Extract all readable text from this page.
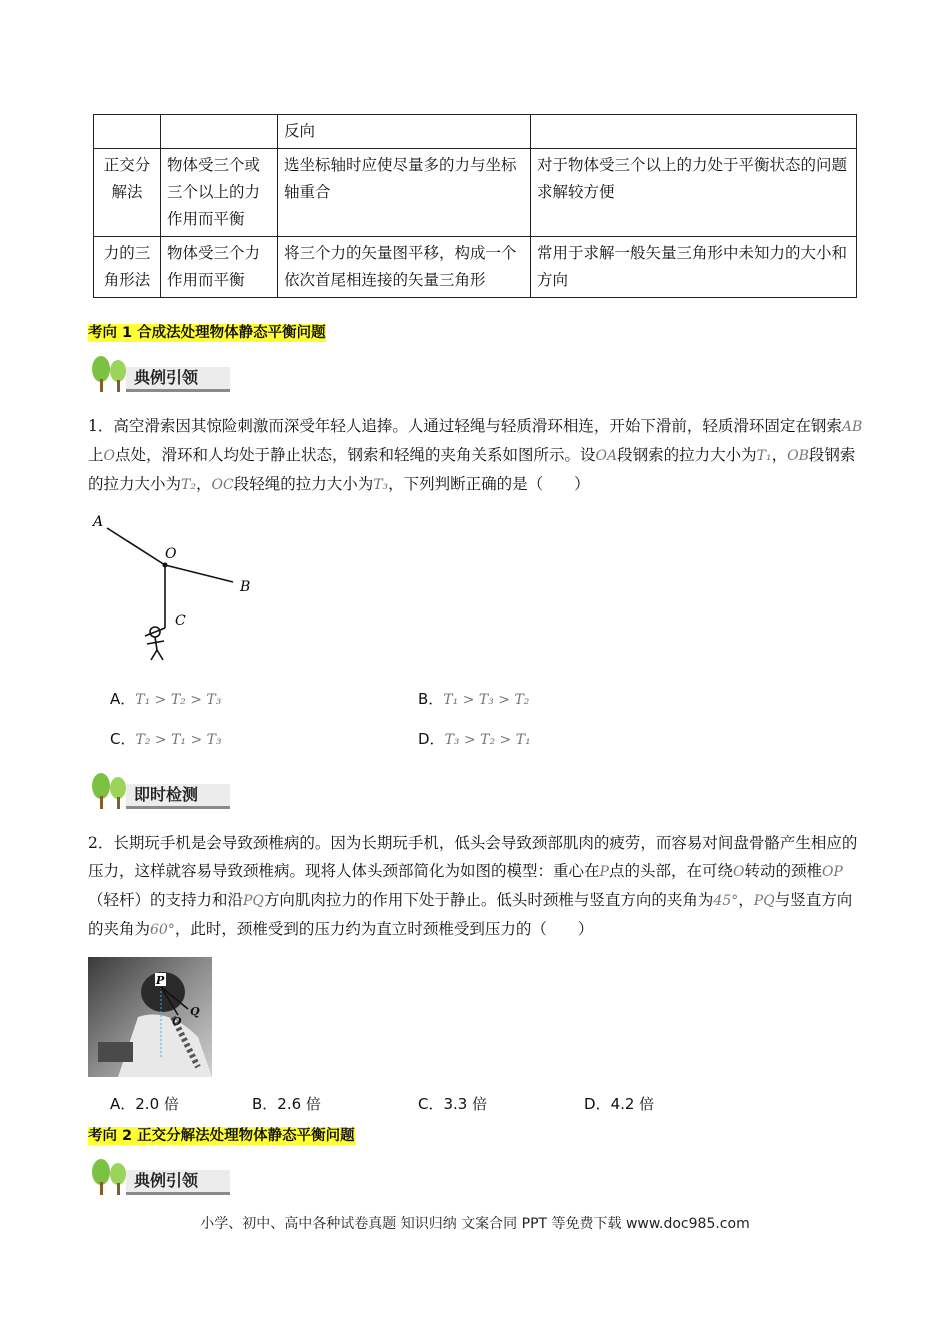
		反向	
正交分解法	物体受三个或三个以上的力作用而平衡	选坐标轴时应使尽量多的力与坐标轴重合	对于物体受三个以上的力处于平衡状态的问题求解较方便
力的三角形法	物体受三个力作用而平衡	将三个力的矢量图平移，构成一个依次首尾相连接的矢量三角形	常用于求解一般矢量三角形中未知力的大小和方向
考向 1 合成法处理物体静态平衡问题
典例引领
1．高空滑索因其惊险刺激而深受年轻人追捧。人通过轻绳与轻质滑环相连，开始下滑前，轻质滑环固定在钢索AB上O点处，滑环和人均处于静止状态，钢索和轻绳的夹角关系如图所示。设OA段钢索的拉力大小为T₁，OB段钢索的拉力大小为T₂，OC段轻绳的拉力大小为T₃，下列判断正确的是（　　）
A
O
B
C
A．T₁ > T₂ > T₃	B．T₁ > T₃ > T₂
C．T₂ > T₁ > T₃	D．T₃ > T₂ > T₁
即时检测
2．长期玩手机是会导致颈椎病的。因为长期玩手机，低头会导致颈部肌肉的疲劳，而容易对间盘骨骼产生相应的压力，这样就容易导致颈椎病。现将人体头颈部简化为如图的模型：重心在P点的头部，在可绕O转动的颈椎OP（轻杆）的支持力和沿PQ方向肌肉拉力的作用下处于静止。低头时颈椎与竖直方向的夹角为45°，PQ与竖直方向的夹角为60°，此时，颈椎受到的压力约为直立时颈椎受到压力的（　　）
P
O
Q
A．2.0 倍	B．2.6 倍	C．3.3 倍	D．4.2 倍
考向 2 正交分解法处理物体静态平衡问题
典例引领
小学、初中、高中各种试卷真题 知识归纳 文案合同 PPT 等免费下载 www.doc985.com
